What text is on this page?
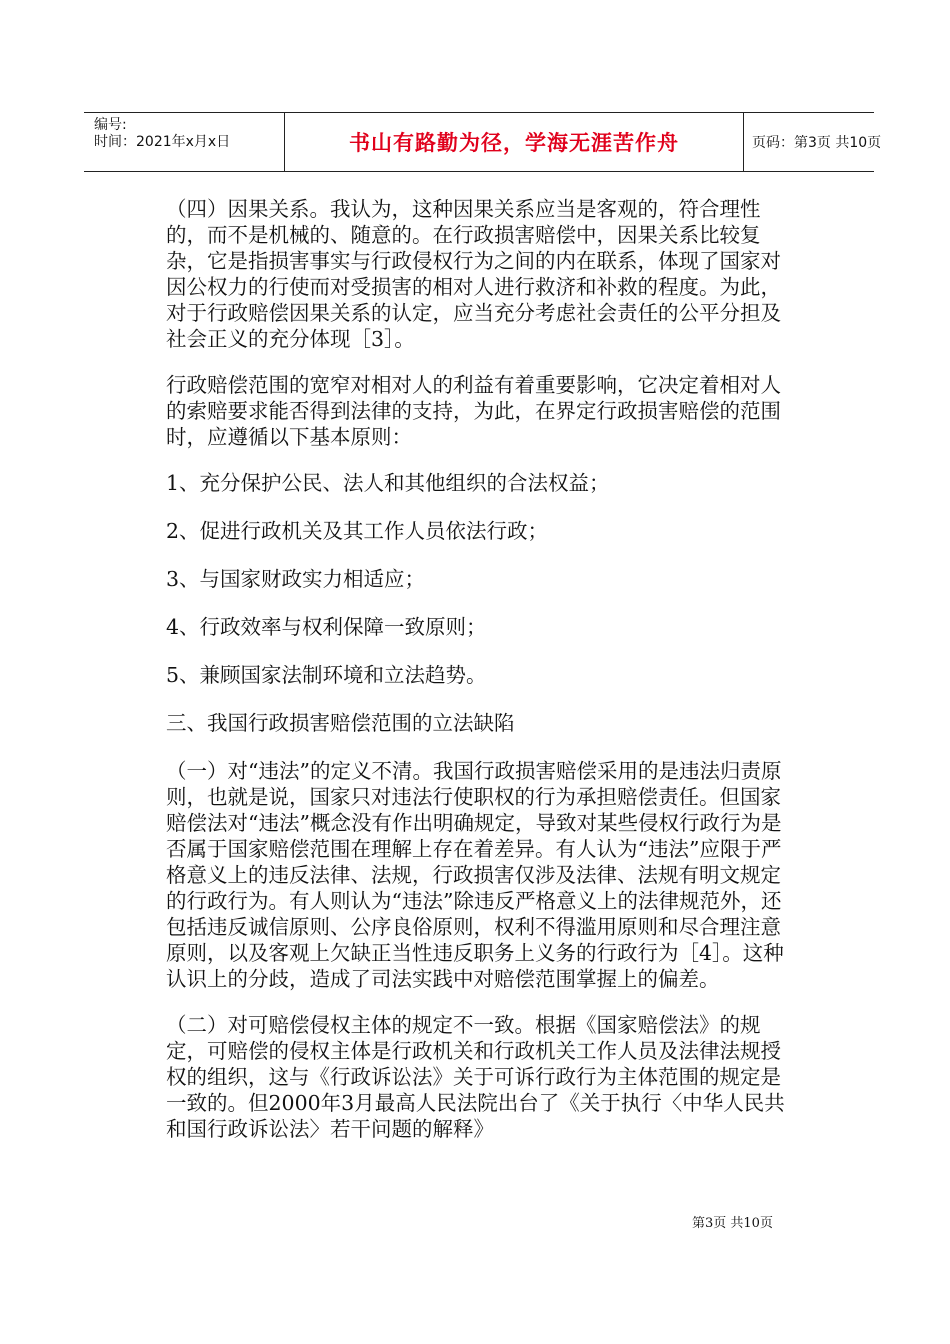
编号:
时间：2021年x月x日	书山有路勤为径，学海无涯苦作舟	页码：第3页 共10页

（四）因果关系。我认为，这种因果关系应当是客观的，符合理性的，而不是机械的、随意的。在行政损害赔偿中，因果关系比较复杂，它是指损害事实与行政侵权行为之间的内在联系，体现了国家对因公权力的行使而对受损害的相对人进行救济和补救的程度。为此，对于行政赔偿因果关系的认定，应当充分考虑社会责任的公平分担及社会正义的充分体现［3］。

行政赔偿范围的宽窄对相对人的利益有着重要影响，它决定着相对人的索赔要求能否得到法律的支持，为此，在界定行政损害赔偿的范围时，应遵循以下基本原则：

1、充分保护公民、法人和其他组织的合法权益；

2、促进行政机关及其工作人员依法行政；

3、与国家财政实力相适应；

4、行政效率与权利保障一致原则；

5、兼顾国家法制环境和立法趋势。

三、我国行政损害赔偿范围的立法缺陷

（一）对“违法”的定义不清。我国行政损害赔偿采用的是违法归责原则，也就是说，国家只对违法行使职权的行为承担赔偿责任。但国家赔偿法对“违法”概念没有作出明确规定，导致对某些侵权行政行为是否属于国家赔偿范围在理解上存在着差异。有人认为“违法”应限于严格意义上的违反法律、法规，行政损害仅涉及法律、法规有明文规定的行政行为。有人则认为“违法”除违反严格意义上的法律规范外，还包括违反诚信原则、公序良俗原则，权利不得滥用原则和尽合理注意原则，以及客观上欠缺正当性违反职务上义务的行政行为［4］。这种认识上的分歧，造成了司法实践中对赔偿范围掌握上的偏差。

（二）对可赔偿侵权主体的规定不一致。根据《国家赔偿法》的规定，可赔偿的侵权主体是行政机关和行政机关工作人员及法律法规授权的组织，这与《行政诉讼法》关于可诉行政行为主体范围的规定是一致的。但2000年3月最高人民法院出台了《关于执行〈中华人民共和国行政诉讼法〉若干问题的解释》

第3页 共10页
